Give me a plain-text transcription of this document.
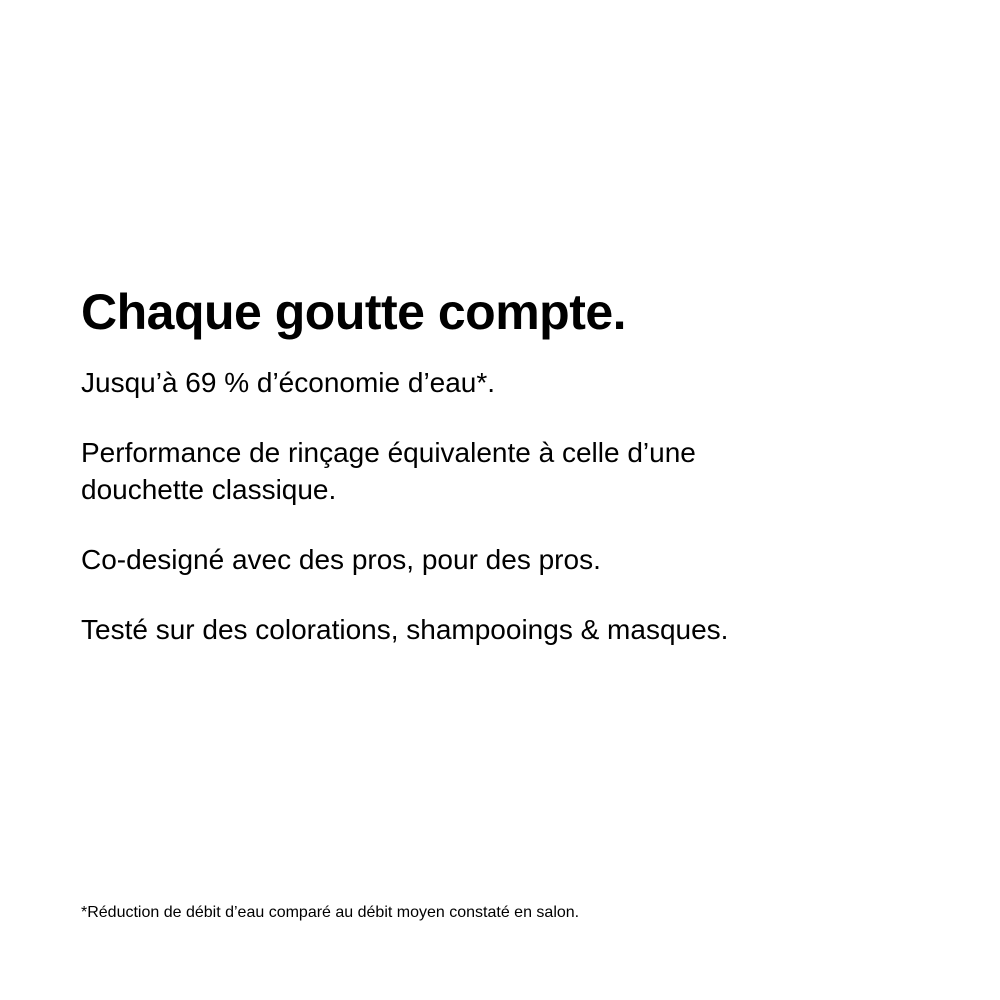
Chaque goutte compte.

Jusqu’à 69 % d’économie d’eau*.

Performance de rinçage équivalente à celle d’une

douchette classique.

Co-designé avec des pros, pour des pros.

Testé sur des colorations, shampooings & masques.

*Réduction de débit d’eau comparé au débit moyen constaté en salon.
